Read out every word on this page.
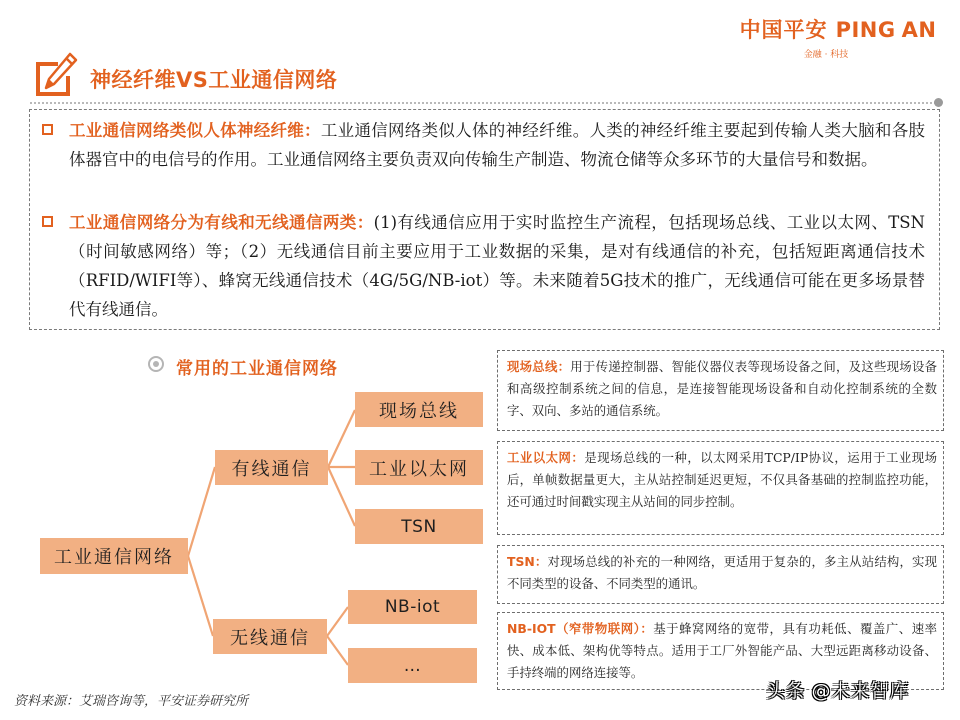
中国平安 PING AN
金融 · 科技
神经纤维VS工业通信网络
工业通信网络类似人体神经纤维：工业通信网络类似人体的神经纤维。人类的神经纤维主要起到传输人类大脑和各肢体器官中的电信号的作用。工业通信网络主要负责双向传输生产制造、物流仓储等众多环节的大量信号和数据。
工业通信网络分为有线和无线通信两类：(1)有线通信应用于实时监控生产流程，包括现场总线、工业以太网、TSN（时间敏感网络）等；（2）无线通信目前主要应用于工业数据的采集，是对有线通信的补充，包括短距离通信技术（RFID/WIFI等）、蜂窝无线通信技术（4G/5G/NB-iot）等。未来随着5G技术的推广，无线通信可能在更多场景替代有线通信。
常用的工业通信网络
工业通信网络
有线通信
无线通信
现场总线
工业以太网
TSN
NB-iot
…
现场总线：用于传递控制器、智能仪器仪表等现场设备之间，及这些现场设备和高级控制系统之间的信息，是连接智能现场设备和自动化控制系统的全数字、双向、多站的通信系统。
工业以太网：是现场总线的一种，以太网采用TCP/IP协议，运用于工业现场后，单帧数据量更大，主从站控制延迟更短，不仅具备基础的控制监控功能，还可通过时间戳实现主从站间的同步控制。
TSN：对现场总线的补充的一种网络，更适用于复杂的，多主从站结构，实现不同类型的设备、不同类型的通讯。
NB-IOT（窄带物联网）：基于蜂窝网络的宽带，具有功耗低、覆盖广、速率快、成本低、架构优等特点。适用于工厂外智能产品、大型远距离移动设备、手持终端的网络连接等。
资料来源：艾瑞咨询等，平安证券研究所	头条 @未来智库
